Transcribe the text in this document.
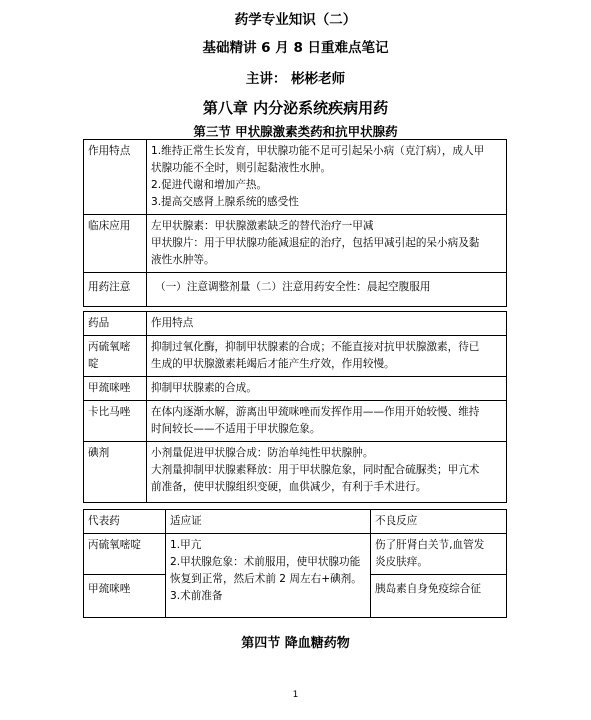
药学专业知识（二）
基础精讲 6 月 8 日重难点笔记
主讲： 彬彬老师
第八章 内分泌系统疾病用药
第三节 甲状腺激素类药和抗甲状腺药
作用特点	1.维持正常生长发育，甲状腺功能不足可引起呆小病（克汀病），成人甲
状腺功能不全时，则引起黏液性水肿。
2.促进代谢和增加产热。
3.提高交感肾上腺系统的感受性

临床应用	左甲状腺素：甲状腺激素缺乏的替代治疗一甲减
甲状腺片：用于甲状腺功能减退症的治疗，包括甲减引起的呆小病及黏
液性水肿等。

用药注意	（一）注意调整剂量（二）注意用药安全性：晨起空腹服用
药品	作用特点

丙硫氧嘧
啶	抑制过氧化酶，抑制甲状腺素的合成；不能直接对抗甲状腺激素，待已
生成的甲状腺激素耗竭后才能产生疗效，作用较慢。

甲巯咪唑	抑制甲状腺素的合成。

卡比马唑	在体内逐渐水解，游离出甲巯咪唑而发挥作用——作用开始较慢、维持
时间较长——不适用于甲状腺危象。

碘剂	小剂量促进甲状腺合成：防治单纯性甲状腺肿。
大剂量抑制甲状腺素释放：用于甲状腺危象，同时配合硫脲类；甲亢术
前准备，使甲状腺组织变硬，血供减少，有利于手术进行。
代表药	适应证	不良反应
丙硫氧嘧啶	1.甲亢
2.甲状腺危象：术前服用，使甲状腺功能
恢复到正常，然后术前 2 周左右+碘剂。
3.术前准备	伤了肝肾白关节,血管发
炎皮肤痒。

甲巯咪唑		胰岛素自身免疫综合征
第四节 降血糖药物
1
